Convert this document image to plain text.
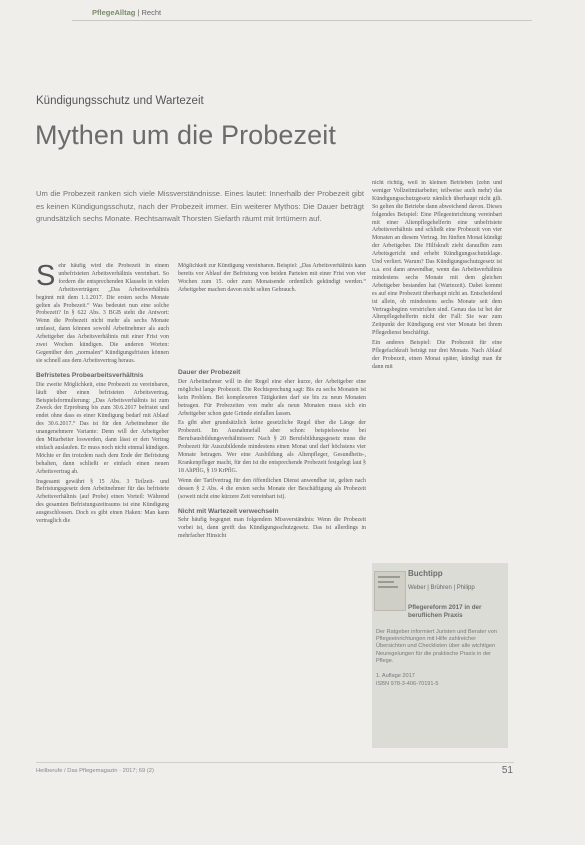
PflegeAlltag | Recht
Kündigungsschutz und Wartezeit
Mythen um die Probezeit
Um die Probezeit ranken sich viele Missverständnisse. Eines lautet: Innerhalb der Probezeit gibt es keinen Kündigungsschutz, nach der Probezeit immer. Ein weiterer Mythos: Die Dauer beträgt grundsätzlich sechs Monate. Rechtsanwalt Thorsten Siefarth räumt mit Irrtümern auf.

Sehr häufig wird die Probezeit in einem unbefristeten Arbeitsverhältnis vereinbart. So fordern die entsprechenden Klauseln in vielen Arbeitsverträgen: „Das Arbeitsverhältnis beginnt mit dem 1.1.2017. Die ersten sechs Monate gelten als Probezeit.“ Was bedeutet nun eine solche Probezeit? In § 622 Abs. 3 BGB steht die Antwort: Wenn die Probezeit nicht mehr als sechs Monate umfasst, dann können sowohl Arbeitnehmer als auch Arbeitgeber das Arbeitsverhältnis mit einer Frist von zwei Wochen kündigen. Die anderen Worten: Gegenüber den „normalen“ Kündigungsfristen können sie schnell aus dem Arbeitsvertrag heraus.

Befristetes Probearbeitsverhältnis

Die zweite Möglichkeit, eine Probezeit zu vereinbaren, läuft über einen befristeten Arbeitsvertrag. Beispielsformulierung: „Das Arbeitsverhältnis ist zum Zweck der Erprobung bis zum 30.6.2017 befristet und endet ohne dass es einer Kündigung bedarf mit Ablauf des 30.6.2017.“ Das ist für den Arbeitnehmer die unangenehmere Variante: Denn will der Arbeitgeber den Mitarbeiter loswerden, dann lässt er den Vertrag einfach auslaufen. Er muss noch nicht einmal kündigen. Möchte er ihn trotzdem nach dem Ende der Befristung behalten, dann schließt er einfach einen neuen Arbeitsvertrag ab.

Insgesamt gewährt § 15 Abs. 3 Teilzeit- und Befristungsgesetz dem Arbeitnehmer für das befristete Arbeitsverhältnis (auf Probe) einen Vorteil: Während des gesamten Befristungszeitraums ist eine Kündigung ausgeschlossen. Doch es gibt einen Haken: Man kann vertraglich die

Möglichkeit zur Kündigung vereinbaren. Beispiel: „Das Arbeitsverhältnis kann bereits vor Ablauf der Befristung von beiden Parteien mit einer Frist von vier Wochen zum 15. oder zum Monatsende ordentlich gekündigt werden.“ Arbeitgeber machen davon nicht selten Gebrauch.

Dauer der Probezeit

Der Arbeitnehmer will in der Regel eine eher kurze, der Arbeitgeber eine möglichst lange Probezeit. Die Rechtsprechung sagt: Bis zu sechs Monaten ist kein Problem. Bei komplexeren Tätigkeiten darf sie bis zu neun Monaten betragen. Für Probezeiten von mehr als neun Monaten muss sich ein Arbeitgeber schon gute Gründe einfallen lassen.

Es gibt aber grundsätzlich keine gesetzliche Regel über die Länge der Probezeit. Im Ausnahmefall aber schon: beispielsweise bei Berufsausbildungsverhältnissen: Nach § 20 Berufsbildungsgesetz muss die Probezeit für Auszubildende mindestens einen Monat und darf höchstens vier Monate betragen. Wer eine Ausbildung als Altenpfleger, Gesundheits-, Krankenpfleger macht, für den ist die entsprechende Probezeit festgelegt laut § 18 AltPflG, § 19 KrPflG.

Wenn der Tarifvertrag für den öffentlichen Dienst anwendbar ist, gelten nach dessen § 2 Abs. 4 die ersten sechs Monate der Beschäftigung als Probezeit (soweit nicht eine kürzere Zeit vereinbart ist).

Nicht mit Wartezeit verwechseln

Sehr häufig begegnet man folgendem Missverständnis: Wenn die Probezeit vorbei ist, dann greift das Kündigungsschutzgesetz. Das ist allerdings in mehrfacher Hinsicht

nicht richtig, weil in kleinen Betrieben (zehn und weniger Vollzeitmitarbeiter, teilweise auch mehr) das Kündigungsschutzgesetz nämlich überhaupt nicht gilt. So gelten die Betriebe dann abweichend davon. Dieses folgendes Beispiel: Eine Pflegeeinrichtung vereinbart mit einer Altenpflegehelferin eine unbefristete Arbeitsverhältnis und schließt eine Probezeit von vier Monaten an diesem Vertrag. Im fünften Monat kündigt der Arbeitgeber. Die Hilfskraft zieht daraufhin zum Arbeitsgericht und erhebt Kündigungsschutzklage. Und verliert. Warum? Das Kündigungsschutzgesetz ist u.a. erst dann anwendbar, wenn das Arbeitsverhältnis mindestens sechs Monate mit dem gleichen Arbeitgeber bestanden hat (Wartezeit). Dabei kommt es auf eine Probezeit überhaupt nicht an. Entscheidend ist allein, ob mindestens sechs Monate seit dem Vertragsbeginn verstrichen sind. Genau das ist bei der Altenpflegehelferin nicht der Fall: Sie war zum Zeitpunkt der Kündigung erst vier Monate bei ihrem Pflegedienst beschäftigt.

Ein anderes Beispiel: Die Probezeit für eine Pflegefachkraft beträgt nur drei Monate. Nach Ablauf der Probezeit, einen Monat später, kündigt man ihr dann mit

Buchtipp
Weber | Brühren | Philipp
Pflegereform 2017 in der beruflichen Praxis
Der Ratgeber informiert Juristen und Berater von Pflegeeinrichtungen mit Hilfe zahlreicher Übersichten und Checklisten über alle wichtigen Neuregelungen für die praktische Praxis in der Pflege.
1. Auflage 2017
ISBN 978-3-406-70191-5
Heilberufe / Das Pflegemagazin · 2017; 69 (2)	51
